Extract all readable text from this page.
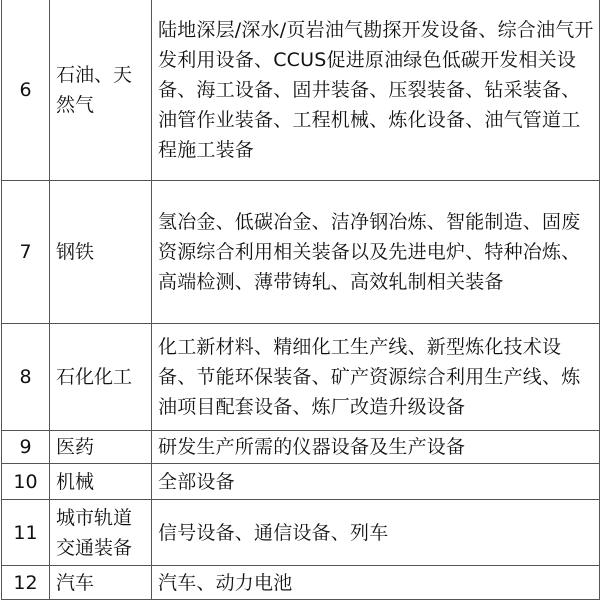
6	石油、天然气	陆地深层/深水/页岩油气勘探开发设备、综合油气开发利用设备、CCUS促进原油绿色低碳开发相关设备、海工设备、固井装备、压裂装备、钻采装备、油管作业装备、工程机械、炼化设备、油气管道工程施工装备
7	钢铁	氢冶金、低碳冶金、洁净钢冶炼、智能制造、固废资源综合利用相关装备以及先进电炉、特种冶炼、高端检测、薄带铸轧、高效轧制相关装备
8	石化化工	化工新材料、精细化工生产线、新型炼化技术设备、节能环保装备、矿产资源综合利用生产线、炼油项目配套设备、炼厂改造升级设备
9	医药	研发生产所需的仪器设备及生产设备
10	机械	全部设备
11	城市轨道交通装备	信号设备、通信设备、列车
12	汽车	汽车、动力电池
